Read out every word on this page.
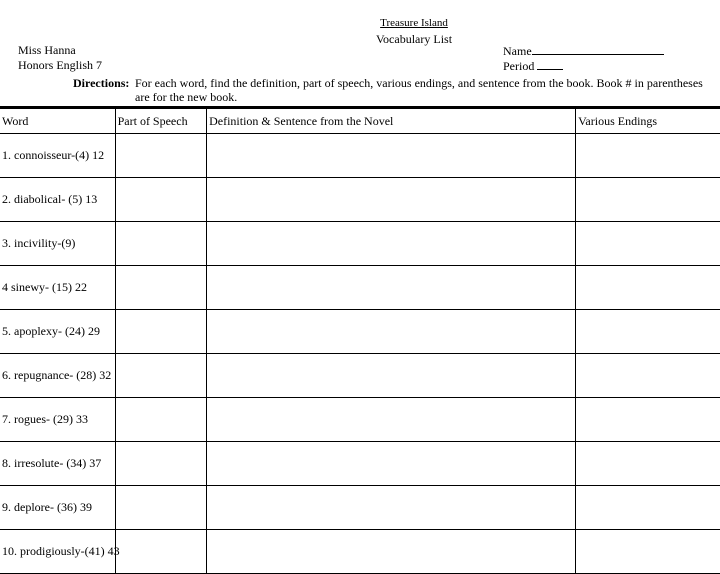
Treasure Island
Vocabulary List
Miss Hanna
Honors English 7
Name
Period
Directions: For each word, find the definition, part of speech, various endings, and sentence from the book. Book # in parentheses are for the new book.
Word	Part of Speech	Definition & Sentence from the Novel	Various Endings
1. connoisseur-(4) 12			
2. diabolical- (5) 13			
3. incivility-(9)			
4 sinewy- (15) 22			
5. apoplexy- (24) 29			
6. repugnance- (28) 32			
7. rogues- (29) 33			
8. irresolute- (34) 37			
9. deplore- (36) 39			
10. prodigiously-(41) 43			
